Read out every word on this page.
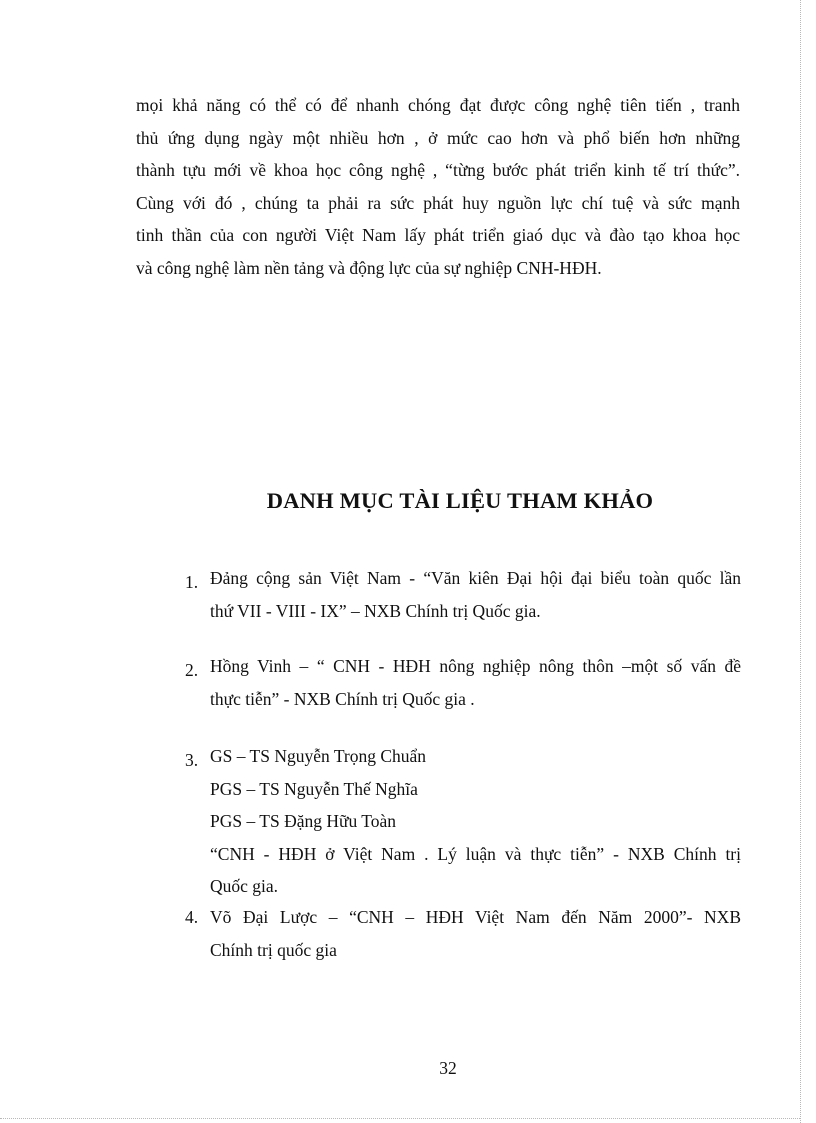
mọi khả năng có thể có để nhanh chóng đạt được công nghệ tiên tiến , tranh
thủ ứng dụng ngày một nhiều hơn , ở mức cao hơn và phổ biến hơn những
thành tựu mới về khoa học công nghệ , “từng bước phát triển kinh tế trí thức”.
Cùng với đó , chúng ta phải ra sức phát huy nguồn lực chí tuệ và sức mạnh
tinh thần của con người Việt Nam lấy phát triển giaó dục và đào tạo khoa học
và công nghệ làm nền tảng và động lực của sự nghiệp CNH-HĐH.
DANH MỤC TÀI LIỆU THAM KHẢO
1. Đảng cộng sản Việt Nam - “Văn kiên Đại hội đại biểu toàn quốc lần
thứ VII - VIII - IX” – NXB Chính trị Quốc gia.
2. Hồng Vinh – “ CNH - HĐH nông nghiệp nông thôn –một số vấn đề
thực tiễn” - NXB Chính trị Quốc gia .
3. GS – TS Nguyễn Trọng Chuẩn
PGS – TS Nguyễn Thế Nghĩa
PGS – TS Đặng Hữu Toàn
“CNH - HĐH ở Việt Nam . Lý luận và thực tiễn” - NXB Chính trị
Quốc gia.
4. Võ Đại Lược – “CNH – HĐH Việt Nam đến Năm 2000”- NXB
Chính trị quốc gia
32
